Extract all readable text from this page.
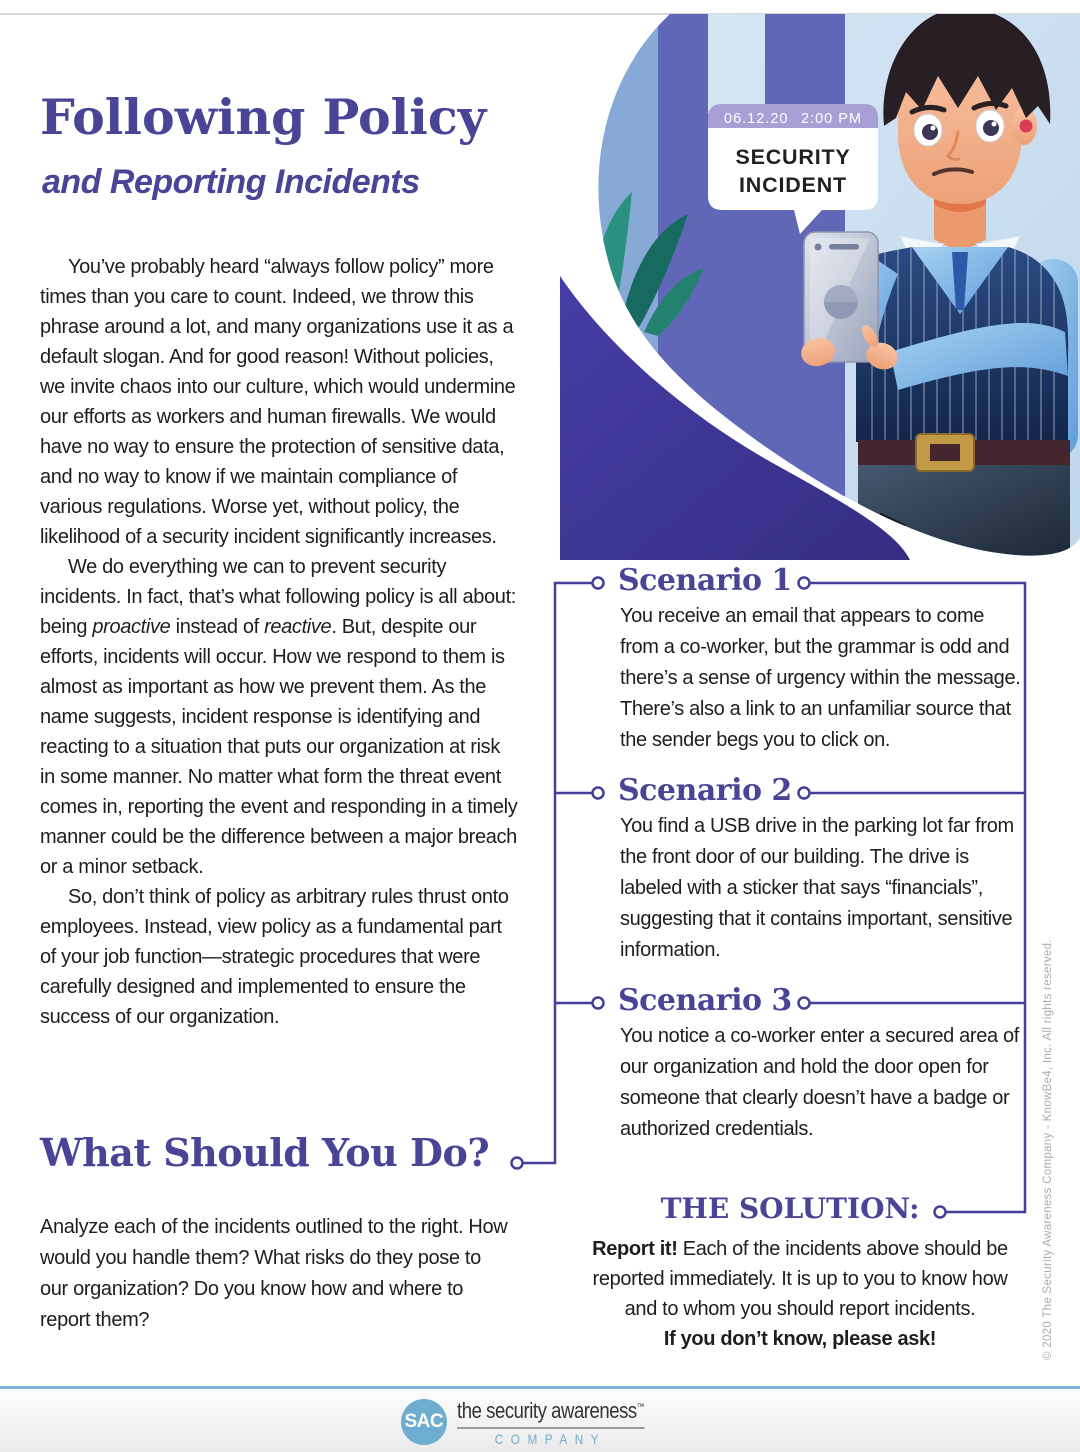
06.12.20 2:00 PM
SECURITY
INCIDENT
Following Policy
and Reporting Incidents

You’ve probably heard “always follow policy” more times than you care to count. Indeed, we throw this phrase around a lot, and many organizations use it as a default slogan. And for good reason! Without policies, we invite chaos into our culture, which would undermine our efforts as workers and human firewalls. We would have no way to ensure the protection of sensitive data, and no way to know if we maintain compliance of various regulations. Worse yet, without policy, the likelihood of a security incident significantly increases.

We do everything we can to prevent security incidents. In fact, that’s what following policy is all about: being proactive instead of reactive. But, despite our efforts, incidents will occur. How we respond to them is almost as important as how we prevent them. As the name suggests, incident response is identifying and reacting to a situation that puts our organization at risk in some manner. No matter what form the threat event comes in, reporting the event and responding in a timely manner could be the difference between a major breach or a minor setback.

So, don’t think of policy as arbitrary rules thrust onto employees. Instead, view policy as a fundamental part of your job function—strategic procedures that were carefully designed and implemented to ensure the success of our organization.

What Should You Do?
Analyze each of the incidents outlined to the right. How would you handle them? What risks do they pose to our organization? Do you know how and where to report them?
Scenario 1
You receive an email that appears to come from a co-worker, but the grammar is odd and there’s a sense of urgency within the message. There’s also a link to an unfamiliar source that the sender begs you to click on.
Scenario 2
You find a USB drive in the parking lot far from the front door of our building. The drive is labeled with a sticker that says “financials”, suggesting that it contains important, sensitive information.
Scenario 3
You notice a co-worker enter a secured area of our organization and hold the door open for someone that clearly doesn’t have a badge or authorized credentials.
THE SOLUTION:
Report it! Each of the incidents above should be reported immediately. It is up to you to know how and to whom you should report incidents.
If you don’t know, please ask!	© 2020 The Security Awareness Company - KnowBe4, Inc. All rights reserved.
SAC the security awareness™
COMPANY
